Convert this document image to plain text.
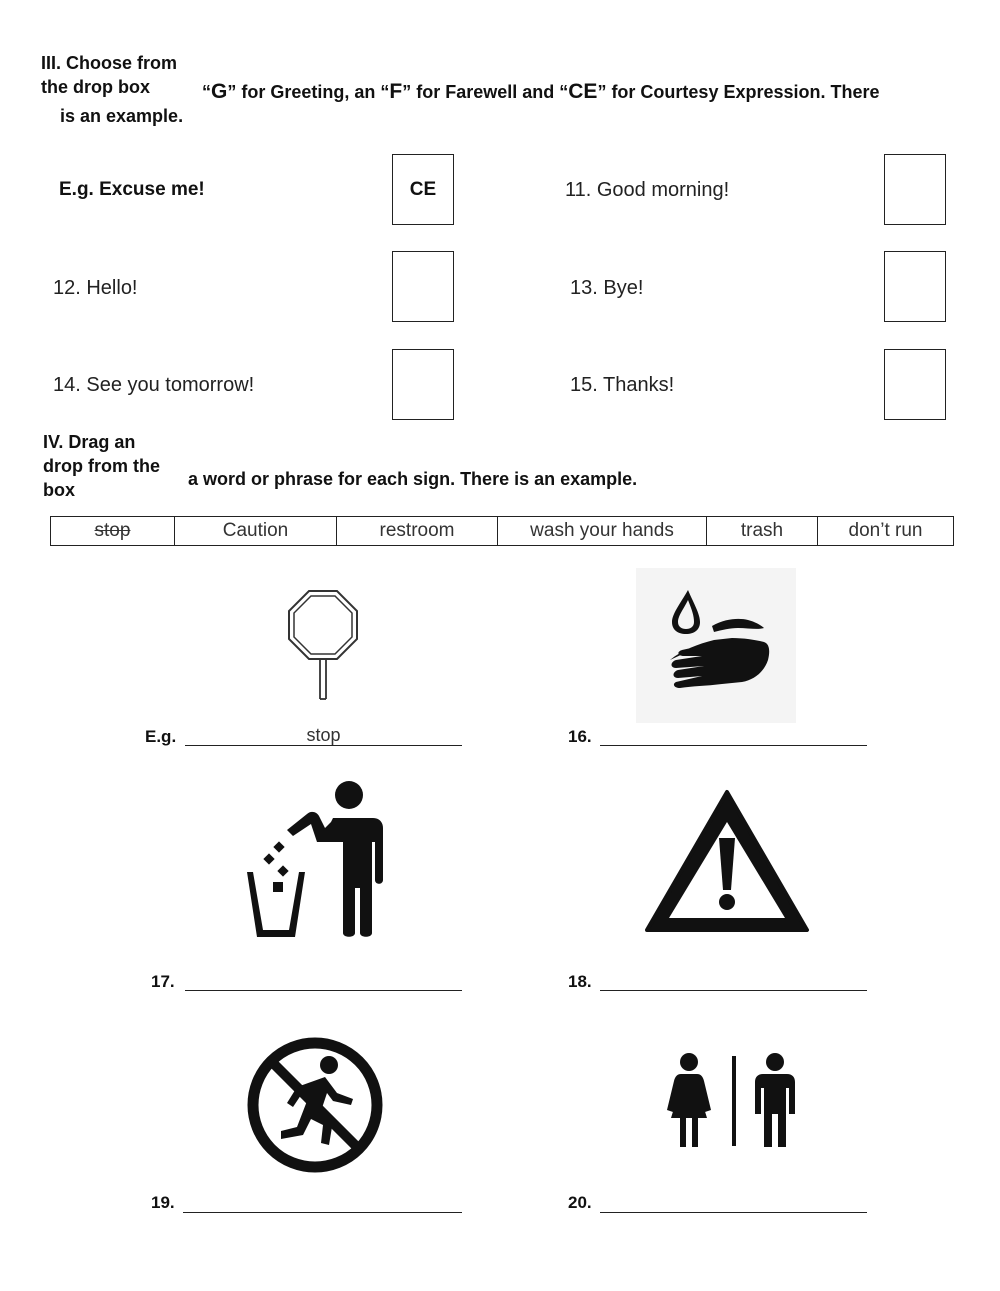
III. Choose from
the drop box	“G” for Greeting, an “F” for Farewell and “CE” for Courtesy Expression. There
is an example.
E.g. Excuse me!	CE	11. Good morning!
12. Hello!	13. Bye!
14. See you tomorrow!	15. Thanks!
IV. Drag an
drop from the
box
a word or phrase for each sign. There is an example.
stop	Caution	restroom	wash your hands	trash	don’t run
E.g.	stop	16.
17.	18.
19.	20.
